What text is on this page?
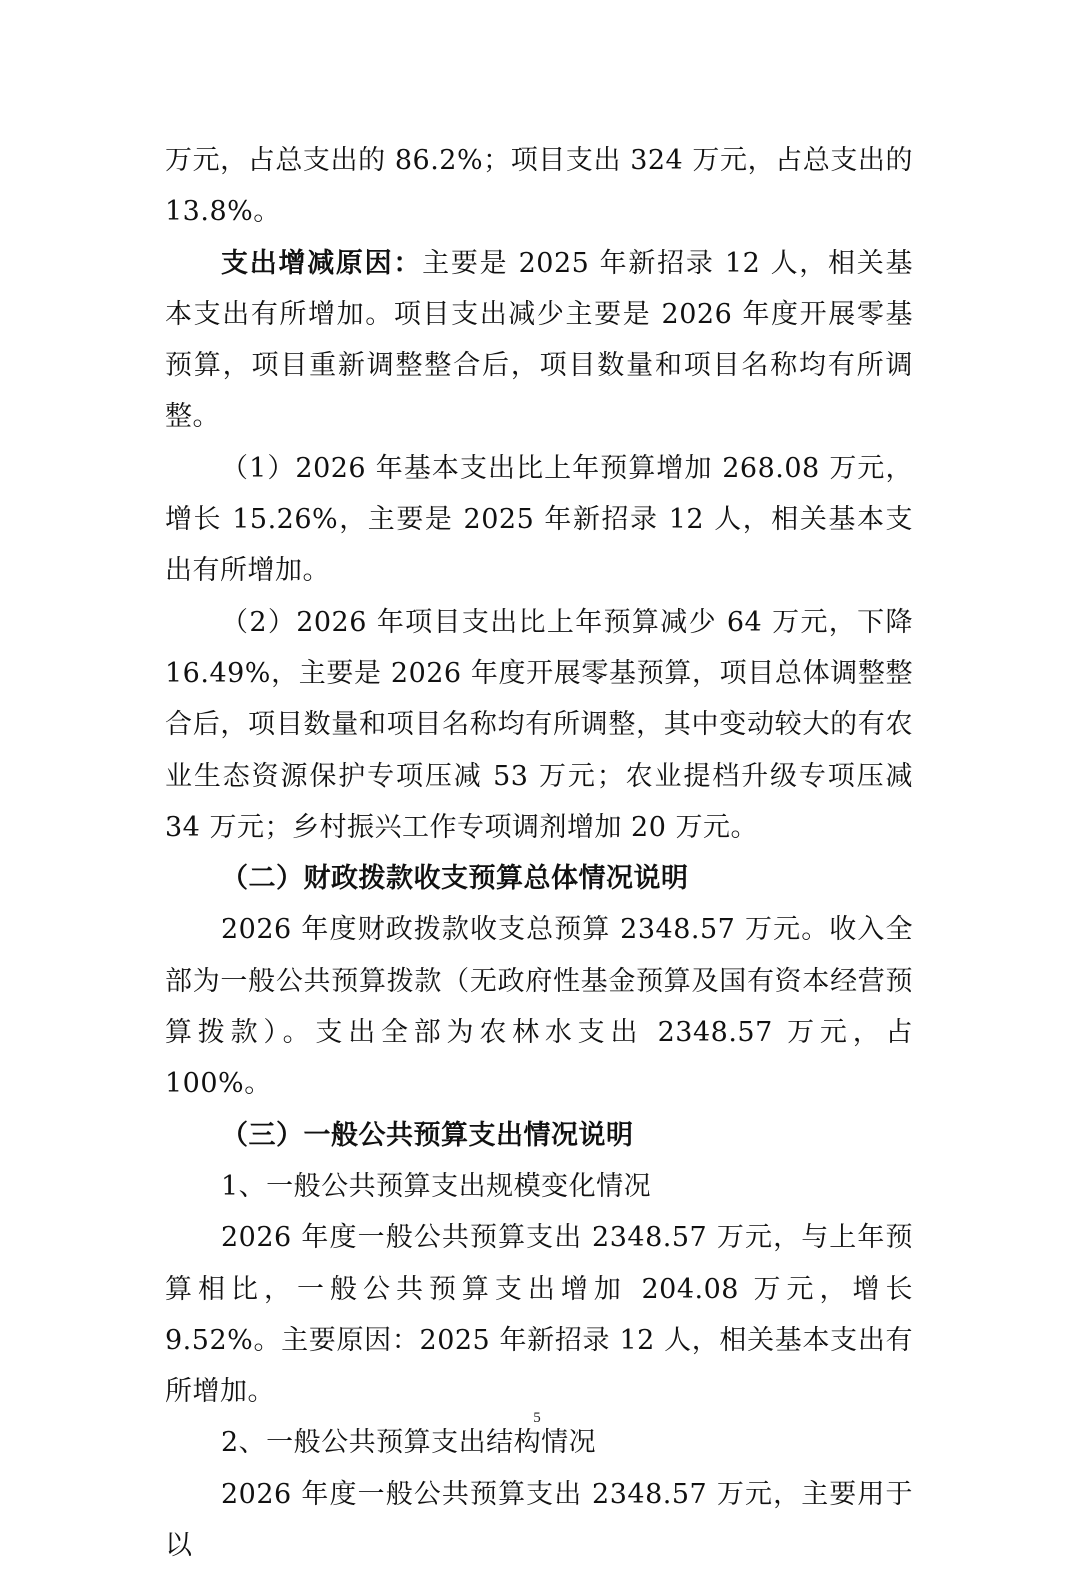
万元，占总支出的 86.2%；项目支出 324 万元，占总支出的 13.8%。

支出增减原因：主要是 2025 年新招录 12 人，相关基本支出有所增加。项目支出减少主要是 2026 年度开展零基预算，项目重新调整整合后，项目数量和项目名称均有所调整。

（1）2026 年基本支出比上年预算增加 268.08 万元，增长 15.26%，主要是 2025 年新招录 12 人，相关基本支出有所增加。

（2）2026 年项目支出比上年预算减少 64 万元，下降 16.49%，主要是 2026 年度开展零基预算，项目总体调整整合后，项目数量和项目名称均有所调整，其中变动较大的有农业生态资源保护专项压减 53 万元；农业提档升级专项压减 34 万元；乡村振兴工作专项调剂增加 20 万元。

（二）财政拨款收支预算总体情况说明

2026 年度财政拨款收支总预算 2348.57 万元。收入全部为一般公共预算拨款（无政府性基金预算及国有资本经营预算拨款）。支出全部为农林水支出 2348.57 万元，占 100%。

（三）一般公共预算支出情况说明

1、一般公共预算支出规模变化情况

2026 年度一般公共预算支出 2348.57 万元，与上年预算相比，一般公共预算支出增加 204.08 万元，增长 9.52%。主要原因：2025 年新招录 12 人，相关基本支出有所增加。

2、一般公共预算支出结构情况

2026 年度一般公共预算支出 2348.57 万元，主要用于以

5
